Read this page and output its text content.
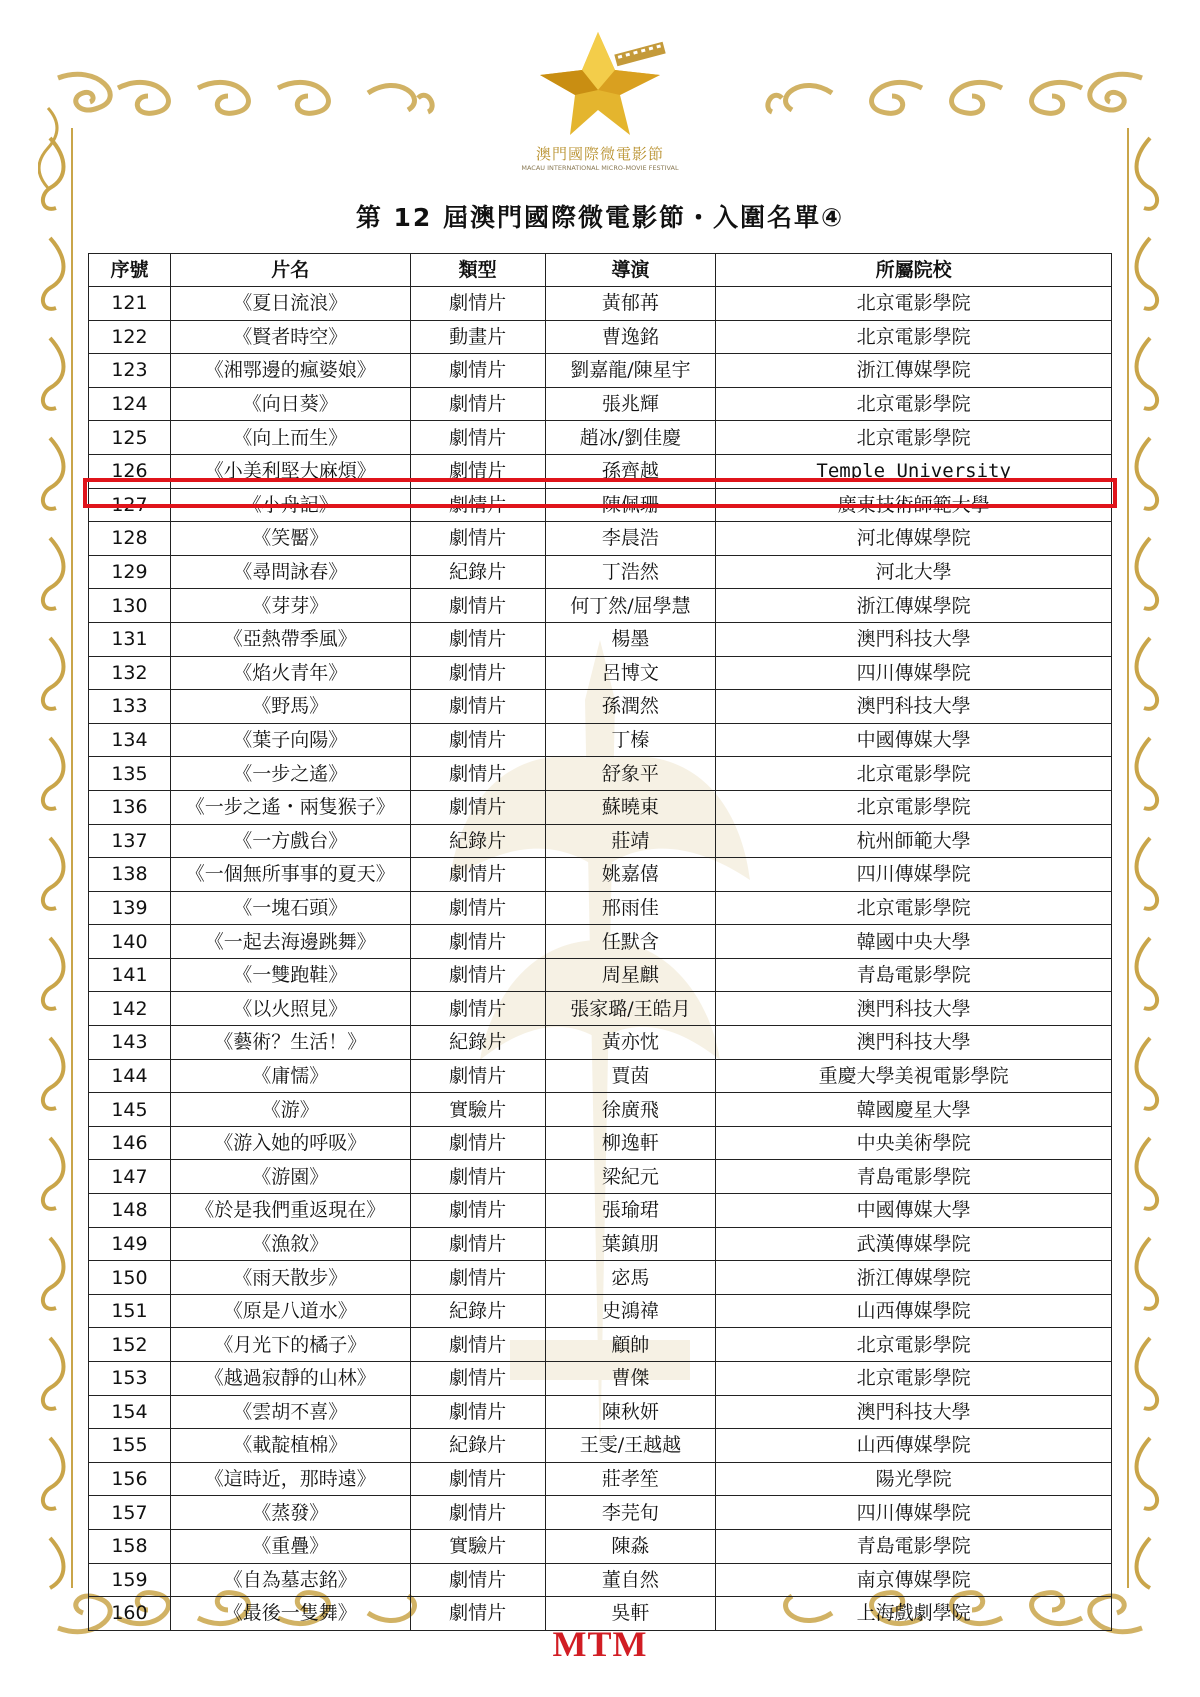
澳門國際微電影節
MACAU INTERNATIONAL MICRO-MOVIE FESTIVAL
第 12 屆澳門國際微電影節・入圍名單④
序號	片名	類型	導演	所屬院校
121	《夏日流浪》	劇情片	黃郁苒	北京電影學院
122	《賢者時空》	動畫片	曹逸銘	北京電影學院
123	《湘鄂邊的瘋婆娘》	劇情片	劉嘉龍/陳星宇	浙江傳媒學院
124	《向日葵》	劇情片	張兆輝	北京電影學院
125	《向上而生》	劇情片	趙冰/劉佳慶	北京電影學院
126	《小美利堅大麻煩》	劇情片	孫齊越	Temple University
127	《小舟記》	劇情片	陳佩珊	廣東技術師範大學
128	《笑靨》	劇情片	李晨浩	河北傳媒學院
129	《尋問詠春》	紀錄片	丁浩然	河北大學
130	《芽芽》	劇情片	何丁然/屈學慧	浙江傳媒學院
131	《亞熱帶季風》	劇情片	楊墨	澳門科技大學
132	《焰火青年》	劇情片	呂博文	四川傳媒學院
133	《野馬》	劇情片	孫潤然	澳門科技大學
134	《葉子向陽》	劇情片	丁榛	中國傳媒大學
135	《一步之遙》	劇情片	舒象平	北京電影學院
136	《一步之遙・兩隻猴子》	劇情片	蘇曉東	北京電影學院
137	《一方戲台》	紀錄片	莊靖	杭州師範大學
138	《一個無所事事的夏天》	劇情片	姚嘉僖	四川傳媒學院
139	《一塊石頭》	劇情片	邢雨佳	北京電影學院
140	《一起去海邊跳舞》	劇情片	任默含	韓國中央大學
141	《一雙跑鞋》	劇情片	周星麒	青島電影學院
142	《以火照見》	劇情片	張家璐/王皓月	澳門科技大學
143	《藝術？生活！》	紀錄片	黃亦忱	澳門科技大學
144	《庸懦》	劇情片	賈茵	重慶大學美視電影學院
145	《游》	實驗片	徐廣飛	韓國慶星大學
146	《游入她的呼吸》	劇情片	柳逸軒	中央美術學院
147	《游園》	劇情片	梁紀元	青島電影學院
148	《於是我們重返現在》	劇情片	張瑜珺	中國傳媒大學
149	《漁敘》	劇情片	葉鎮朋	武漢傳媒學院
150	《雨天散步》	劇情片	宓馬	浙江傳媒學院
151	《原是八道水》	紀錄片	史鴻禕	山西傳媒學院
152	《月光下的橘子》	劇情片	顧帥	北京電影學院
153	《越過寂靜的山林》	劇情片	曹傑	北京電影學院
154	《雲胡不喜》	劇情片	陳秋妍	澳門科技大學
155	《載靛植棉》	紀錄片	王雯/王越越	山西傳媒學院
156	《這時近，那時遠》	劇情片	莊孝笙	陽光學院
157	《蒸發》	劇情片	李芫旬	四川傳媒學院
158	《重疊》	實驗片	陳淼	青島電影學院
159	《自為墓志銘》	劇情片	董自然	南京傳媒學院
160	《最後一隻舞》	劇情片	吳軒	上海戲劇學院
MTM
